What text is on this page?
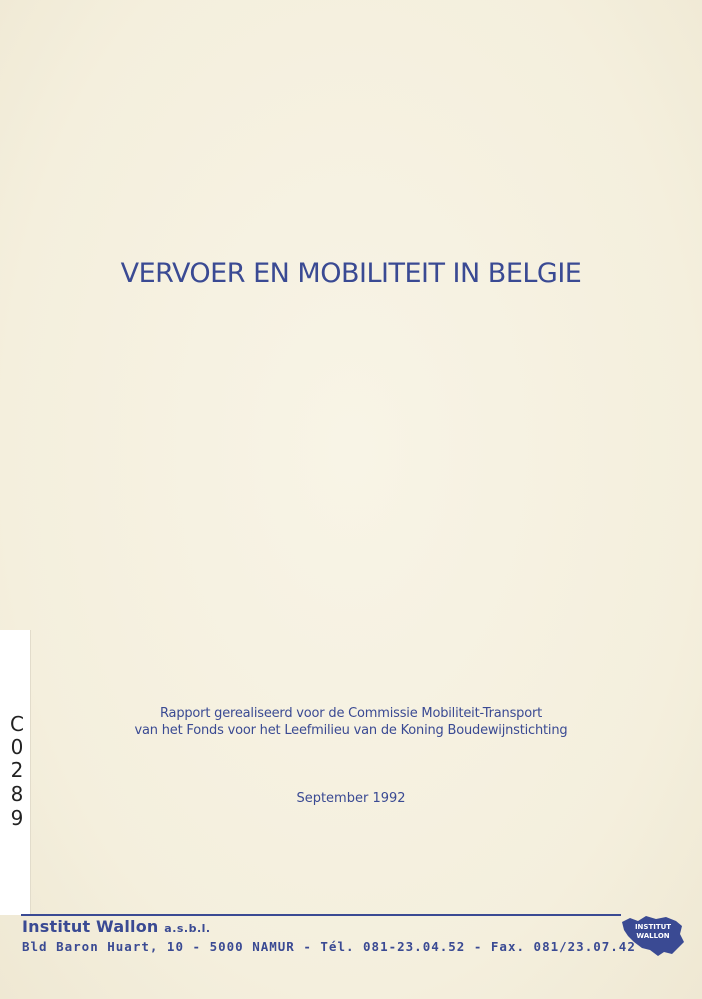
VERVOER EN MOBILITEIT IN BELGIE
Rapport gerealiseerd voor de Commissie Mobiliteit-Transport
van het Fonds voor het Leefmilieu van de Koning Boudewijnstichting
September 1992
C
0
2
8
9
Institut Wallon a.s.b.l.
Bld Baron Huart, 10 - 5000 NAMUR - Tél. 081-23.04.52 - Fax. 081/23.07.42
INSTITUT
WALLON
